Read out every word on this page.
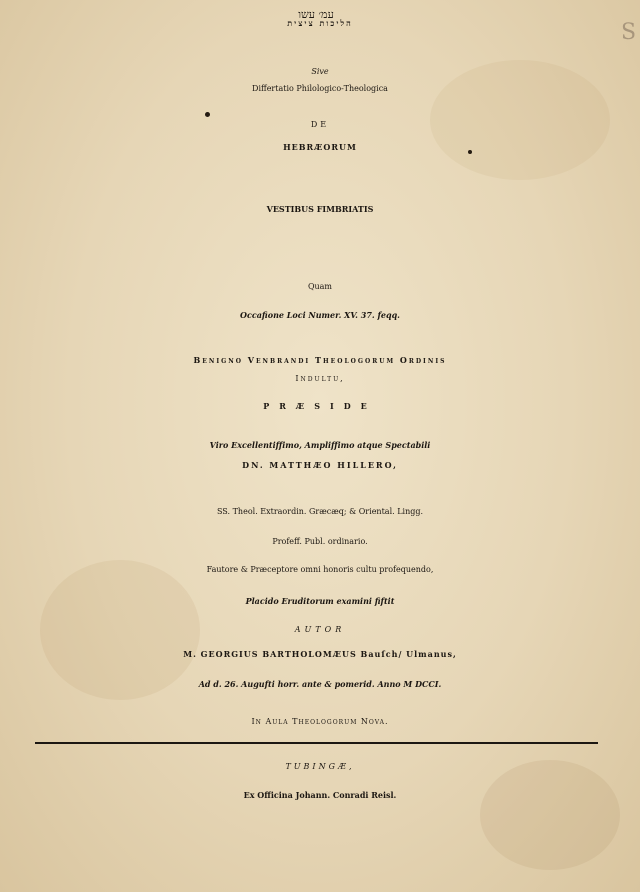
S
עמ׳ עשו
הליכות ציצית
Sive
Differtatio Philologico-Theologica
DE
HEBRÆORUM
VESTIBUS FIMBRIATIS
Quam
Occafione Loci Numer. XV. 37. feqq.
Benigno Venbrandi Theologorum Ordinis
Indultu,
PRÆSIDE
Viro Excellentiffimo, Ampliffimo atque Spectabili
DN. MATTHÆO HILLERO,
SS. Theol. Extraordin. Græcæq; & Oriental. Lingg.
Profeff. Publ. ordinario.
Fautore & Præceptore omni honoris cultu profequendo,
Placido Eruditorum examini fiftit
AUTOR
M. GEORGIUS BARTHOLOMÆUS Bauſch/ Ulmanus,
Ad d. 26. Augufti horr. ante & pomerid. Anno M DCCI.
In Aula Theologorum Nova.
TUBINGÆ,
Ex Officina Johann. Conradi Reisl.
